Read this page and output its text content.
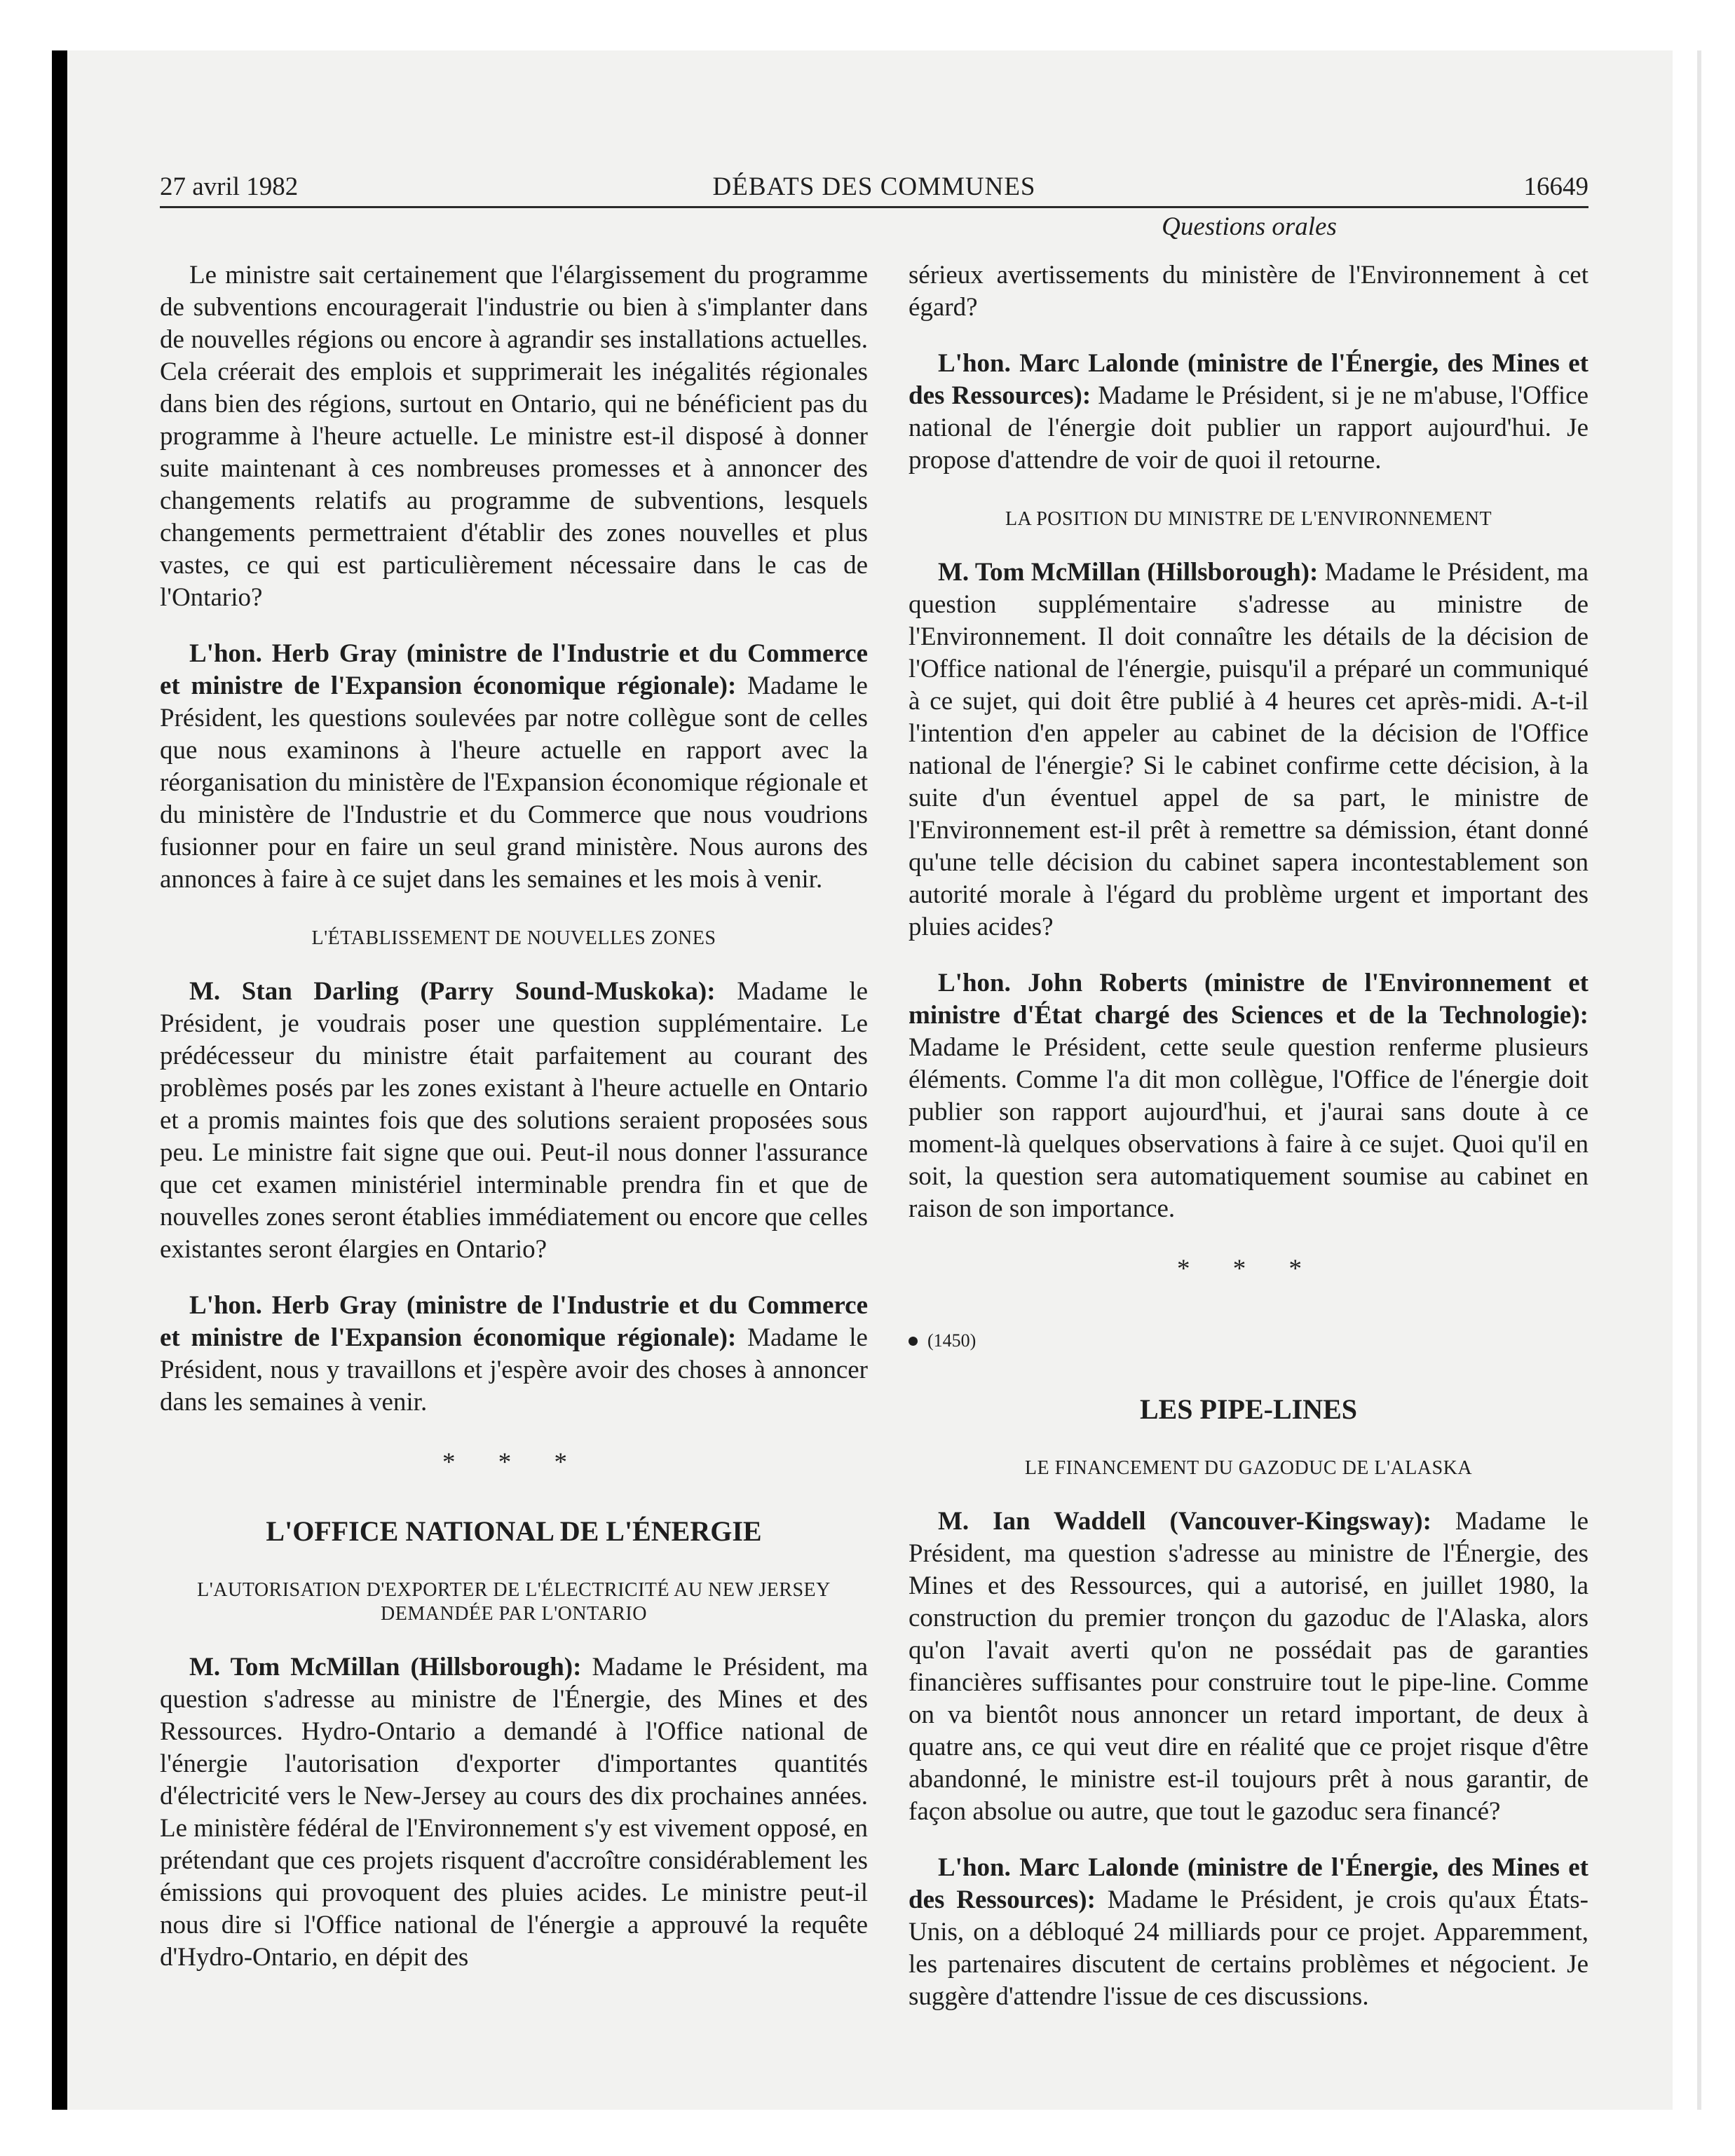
27 avril 1982	DÉBATS DES COMMUNES	16649
Questions orales

Le ministre sait certainement que l'élargissement du programme de subventions encouragerait l'industrie ou bien à s'implanter dans de nouvelles régions ou encore à agrandir ses installations actuelles. Cela créerait des emplois et supprimerait les inégalités régionales dans bien des régions, surtout en Ontario, qui ne bénéficient pas du programme à l'heure actuelle. Le ministre est-il disposé à donner suite maintenant à ces nombreuses promesses et à annoncer des changements relatifs au programme de subventions, lesquels changements permettraient d'établir des zones nouvelles et plus vastes, ce qui est particulièrement nécessaire dans le cas de l'Ontario?

L'hon. Herb Gray (ministre de l'Industrie et du Commerce et ministre de l'Expansion économique régionale): Madame le Président, les questions soulevées par notre collègue sont de celles que nous examinons à l'heure actuelle en rapport avec la réorganisation du ministère de l'Expansion économique régionale et du ministère de l'Industrie et du Commerce que nous voudrions fusionner pour en faire un seul grand ministère. Nous aurons des annonces à faire à ce sujet dans les semaines et les mois à venir.

L'ÉTABLISSEMENT DE NOUVELLES ZONES

M. Stan Darling (Parry Sound-Muskoka): Madame le Président, je voudrais poser une question supplémentaire. Le prédécesseur du ministre était parfaitement au courant des problèmes posés par les zones existant à l'heure actuelle en Ontario et a promis maintes fois que des solutions seraient proposées sous peu. Le ministre fait signe que oui. Peut-il nous donner l'assurance que cet examen ministériel interminable prendra fin et que de nouvelles zones seront établies immédiatement ou encore que celles existantes seront élargies en Ontario?

L'hon. Herb Gray (ministre de l'Industrie et du Commerce et ministre de l'Expansion économique régionale): Madame le Président, nous y travaillons et j'espère avoir des choses à annoncer dans les semaines à venir.

* * *
L'OFFICE NATIONAL DE L'ÉNERGIE
L'AUTORISATION D'EXPORTER DE L'ÉLECTRICITÉ AU NEW JERSEY DEMANDÉE PAR L'ONTARIO

M. Tom McMillan (Hillsborough): Madame le Président, ma question s'adresse au ministre de l'Énergie, des Mines et des Ressources. Hydro-Ontario a demandé à l'Office national de l'énergie l'autorisation d'exporter d'importantes quantités d'électricité vers le New-Jersey au cours des dix prochaines années. Le ministère fédéral de l'Environnement s'y est vivement opposé, en prétendant que ces projets risquent d'accroître considérablement les émissions qui provoquent des pluies acides. Le ministre peut-il nous dire si l'Office national de l'énergie a approuvé la requête d'Hydro-Ontario, en dépit des

sérieux avertissements du ministère de l'Environnement à cet égard?

L'hon. Marc Lalonde (ministre de l'Énergie, des Mines et des Ressources): Madame le Président, si je ne m'abuse, l'Office national de l'énergie doit publier un rapport aujourd'hui. Je propose d'attendre de voir de quoi il retourne.

LA POSITION DU MINISTRE DE L'ENVIRONNEMENT

M. Tom McMillan (Hillsborough): Madame le Président, ma question supplémentaire s'adresse au ministre de l'Environnement. Il doit connaître les détails de la décision de l'Office national de l'énergie, puisqu'il a préparé un communiqué à ce sujet, qui doit être publié à 4 heures cet après-midi. A-t-il l'intention d'en appeler au cabinet de la décision de l'Office national de l'énergie? Si le cabinet confirme cette décision, à la suite d'un éventuel appel de sa part, le ministre de l'Environnement est-il prêt à remettre sa démission, étant donné qu'une telle décision du cabinet sapera incontestablement son autorité morale à l'égard du problème urgent et important des pluies acides?

L'hon. John Roberts (ministre de l'Environnement et ministre d'État chargé des Sciences et de la Technologie): Madame le Président, cette seule question renferme plusieurs éléments. Comme l'a dit mon collègue, l'Office de l'énergie doit publier son rapport aujourd'hui, et j'aurai sans doute à ce moment-là quelques observations à faire à ce sujet. Quoi qu'il en soit, la question sera automatiquement soumise au cabinet en raison de son importance.

* * *
(1450)
LES PIPE-LINES
LE FINANCEMENT DU GAZODUC DE L'ALASKA

M. Ian Waddell (Vancouver-Kingsway): Madame le Président, ma question s'adresse au ministre de l'Énergie, des Mines et des Ressources, qui a autorisé, en juillet 1980, la construction du premier tronçon du gazoduc de l'Alaska, alors qu'on l'avait averti qu'on ne possédait pas de garanties financières suffisantes pour construire tout le pipe-line. Comme on va bientôt nous annoncer un retard important, de deux à quatre ans, ce qui veut dire en réalité que ce projet risque d'être abandonné, le ministre est-il toujours prêt à nous garantir, de façon absolue ou autre, que tout le gazoduc sera financé?

L'hon. Marc Lalonde (ministre de l'Énergie, des Mines et des Ressources): Madame le Président, je crois qu'aux États-Unis, on a débloqué 24 milliards pour ce projet. Apparemment, les partenaires discutent de certains problèmes et négocient. Je suggère d'attendre l'issue de ces discussions.
